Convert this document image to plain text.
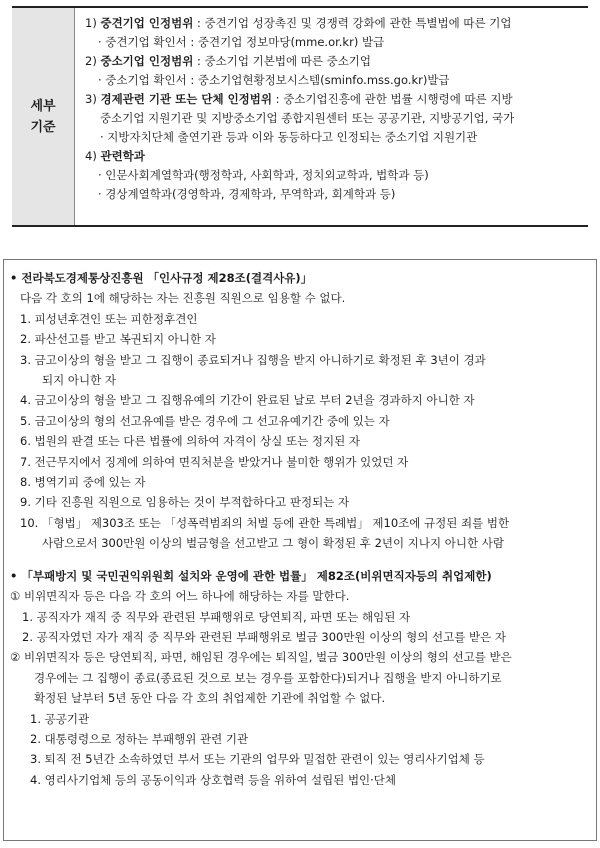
세부
기준
1) 중견기업 인정범위 : 중견기업 성장촉진 및 경쟁력 강화에 관한 특별법에 따른 기업
· 중견기업 확인서 : 중견기업 정보마당(mme.or.kr) 발급
2) 중소기업 인정범위 : 중소기업 기본법에 따른 중소기업
· 중소기업 확인서 : 중소기업현황정보시스템(sminfo.mss.go.kr)발급
3) 경제관련 기관 또는 단체 인정범위 : 중소기업진흥에 관한 법률 시행령에 따른 지방
중소기업 지원기관 및 지방중소기업 종합지원센터 또는 공공기관, 지방공기업, 국가
· 지방자치단체 출연기관 등과 이와 동등하다고 인정되는 중소기업 지원기관
4) 관련학과
· 인문사회계열학과(행정학과, 사회학과, 정치외교학과, 법학과 등)
· 경상계열학과(경영학과, 경제학과, 무역학과, 회계학과 등)
• 전라북도경제통상진흥원 「인사규정 제28조(결격사유)」
다음 각 호의 1에 해당하는 자는 진흥원 직원으로 임용할 수 없다.
1. 피성년후견인 또는 피한정후견인
2. 파산선고를 받고 복권되지 아니한 자
3. 금고이상의 형을 받고 그 집행이 종료되거나 집행을 받지 아니하기로 확정된 후 3년이 경과
되지 아니한 자
4. 금고이상의 형을 받고 그 집행유예의 기간이 완료된 날로 부터 2년을 경과하지 아니한 자
5. 금고이상의 형의 선고유예를 받은 경우에 그 선고유예기간 중에 있는 자
6. 법원의 판결 또는 다른 법률에 의하여 자격이 상실 또는 정지된 자
7. 전근무지에서 징계에 의하여 면직처분을 받았거나 불미한 행위가 있었던 자
8. 병역기피 중에 있는 자
9. 기타 진흥원 직원으로 임용하는 것이 부적합하다고 판정되는 자
10. 「형법」 제303조 또는 「성폭력범죄의 처벌 등에 관한 특례법」 제10조에 규정된 죄를 범한
사람으로서 300만원 이상의 벌금형을 선고받고 그 형이 확정된 후 2년이 지나지 아니한 사람
• 「부패방지 및 국민권익위원회 설치와 운영에 관한 법률」 제82조(비위면직자등의 취업제한)
① 비위면직자 등은 다음 각 호의 어느 하나에 해당하는 자를 말한다.
1. 공직자가 재직 중 직무와 관련된 부패행위로 당연퇴직, 파면 또는 해임된 자
2. 공직자였던 자가 재직 중 직무와 관련된 부패행위로 벌금 300만원 이상의 형의 선고를 받은 자
② 비위면직자 등은 당연퇴직, 파면, 해임된 경우에는 퇴직일, 벌금 300만원 이상의 형의 선고를 받은
경우에는 그 집행이 종료(종료된 것으로 보는 경우를 포함한다)되거나 집행을 받지 아니하기로
확정된 날부터 5년 동안 다음 각 호의 취업제한 기관에 취업할 수 없다.
1. 공공기관
2. 대통령령으로 정하는 부패행위 관련 기관
3. 퇴직 전 5년간 소속하였던 부서 또는 기관의 업무와 밀접한 관련이 있는 영리사기업체 등
4. 영리사기업체 등의 공동이익과 상호협력 등을 위하여 설립된 법인·단체
